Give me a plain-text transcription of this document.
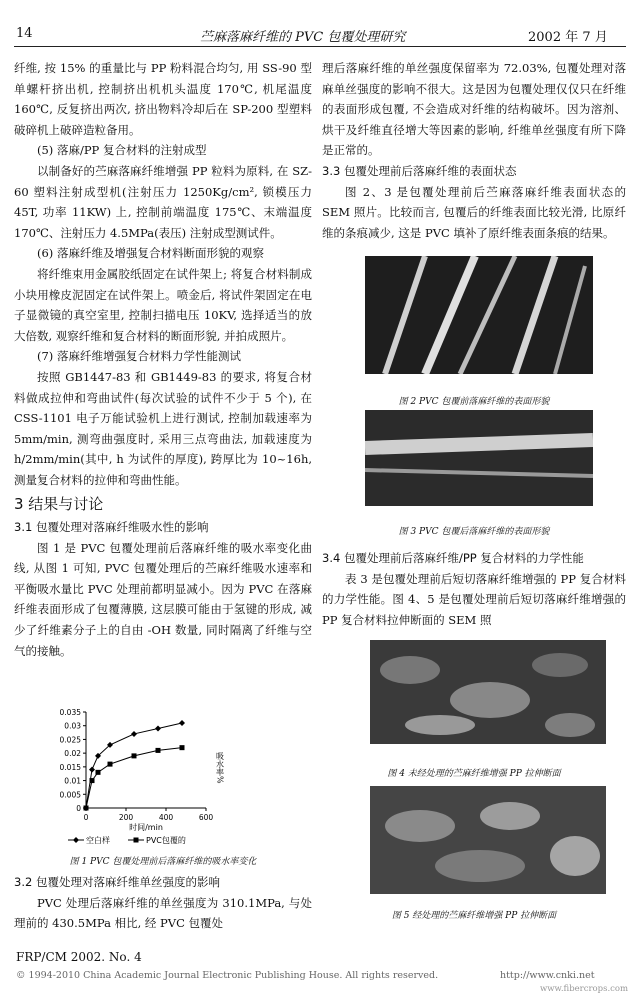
14	苎麻落麻纤维的 PVC 包覆处理研究	2002 年 7 月

纤维, 按 15% 的重量比与 PP 粉料混合均匀, 用 SS-90 型单螺杆挤出机, 控制挤出机机头温度 170℃, 机尾温度 160℃, 反复挤出两次, 挤出物料冷却后在 SP-200 型塑料破碎机上破碎造粒备用。

(5) 落麻/PP 复合材料的注射成型

以制备好的苎麻落麻纤维增强 PP 粒料为原料, 在 SZ-60 塑料注射成型机(注射压力 1250Kg/cm², 锁模压力 45T, 功率 11KW) 上, 控制前端温度 175℃、末端温度 170℃、注射压力 4.5MPa(表压) 注射成型测试件。

(6) 落麻纤维及增强复合材料断面形貌的观察

将纤维束用金属胶纸固定在试件架上; 将复合材料制成小块用橡皮泥固定在试件架上。喷金后, 将试件架固定在电子显微镜的真空室里, 控制扫描电压 10KV, 选择适当的放大倍数, 观察纤维和复合材料的断面形貌, 并拍成照片。

(7) 落麻纤维增强复合材料力学性能测试

按照 GB1447-83 和 GB1449-83 的要求, 将复合材料做成拉伸和弯曲试件(每次试验的试件不少于 5 个), 在 CSS-1101 电子万能试验机上进行测试, 控制加载速率为 5mm/min, 测弯曲强度时, 采用三点弯曲法, 加载速度为 h/2mm/min(其中, h 为试件的厚度), 跨厚比为 10~16h, 测量复合材料的拉伸和弯曲性能。

3 结果与讨论

3.1 包覆处理对落麻纤维吸水性的影响

图 1 是 PVC 包覆处理前后落麻纤维的吸水率变化曲线, 从图 1 可知, PVC 包覆处理后的苎麻纤维吸水速率和平衡吸水量比 PVC 处理前都明显减小。因为 PVC 在落麻纤维表面形成了包覆薄膜, 这层膜可能由于氢键的形成, 减少了纤维素分子上的自由 -OH 数量, 同时隔离了纤维与空气的接触。

0
0.005
0.01
0.015
0.02
0.025
0.03
0.035
0	200	400	600
时间/min
吸水率%
空白样	PVC包覆的
图 1 PVC 包覆处理前后落麻纤维的吸水率变化

3.2 包覆处理对落麻纤维单丝强度的影响

PVC 处理后落麻纤维的单丝强度为 310.1MPa, 与处理前的 430.5MPa 相比, 经 PVC 包覆处

理后落麻纤维的单丝强度保留率为 72.03%, 包覆处理对落麻单丝强度的影响不很大。这是因为包覆处理仅仅只在纤维的表面形成包覆, 不会造成对纤维的结构破坏。因为溶剂、烘干及纤维直径增大等因素的影响, 纤维单丝强度有所下降是正常的。

3.3 包覆处理前后落麻纤维的表面状态

图 2、3 是包覆处理前后苎麻落麻纤维表面状态的 SEM 照片。比较而言, 包覆后的纤维表面比较光滑, 比原纤维的条痕减少, 这是 PVC 填补了原纤维表面条痕的结果。

图 2 PVC 包覆前落麻纤维的表面形貌
图 3 PVC 包覆后落麻纤维的表面形貌

3.4 包覆处理前后落麻纤维/PP 复合材料的力学性能

表 3 是包覆处理前后短切落麻纤维增强的 PP 复合材料的力学性能。图 4、5 是包覆处理前后短切落麻纤维增强的 PP 复合材料拉伸断面的 SEM 照

图 4 未经处理的苎麻纤维增强 PP 拉伸断面
图 5 经处理的苎麻纤维增强 PP 拉伸断面
FRP/CM 2002. No. 4
© 1994-2010 China Academic Journal Electronic Publishing House. All rights reserved.	http://www.cnki.net
www.fibercrops.com
